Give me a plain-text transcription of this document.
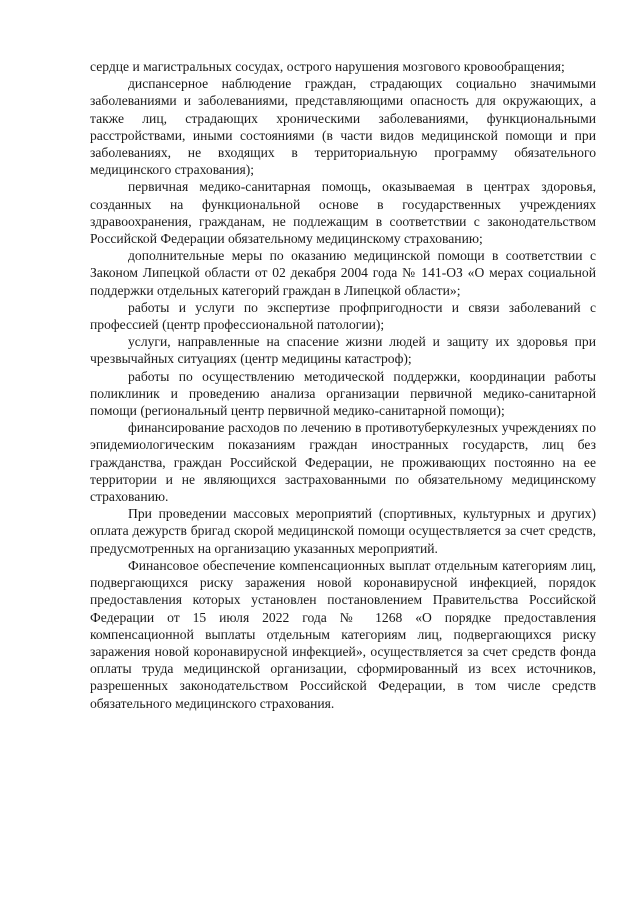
сердце и магистральных сосудах, острого нарушения мозгового кровообращения;

диспансерное наблюдение граждан, страдающих социально значимыми заболеваниями и заболеваниями, представляющими опасность для окружающих, а также лиц, страдающих хроническими заболеваниями, функциональными расстройствами, иными состояниями (в части видов медицинской помощи и при заболеваниях, не входящих в территориальную программу обязательного медицинского страхования);

первичная медико-санитарная помощь, оказываемая в центрах здоровья, созданных на функциональной основе в государственных учреждениях здравоохранения, гражданам, не подлежащим в соответствии с законодательством Российской Федерации обязательному медицинскому страхованию;

дополнительные меры по оказанию медицинской помощи в соответствии с Законом Липецкой области от 02 декабря 2004 года № 141-ОЗ «О мерах социальной поддержки отдельных категорий граждан в Липецкой области»;

работы и услуги по экспертизе профпригодности и связи заболеваний с профессией (центр профессиональной патологии);

услуги, направленные на спасение жизни людей и защиту их здоровья при чрезвычайных ситуациях (центр медицины катастроф);

работы по осуществлению методической поддержки, координации работы поликлиник и проведению анализа организации первичной медико-санитарной помощи (региональный центр первичной медико-санитарной помощи);

финансирование расходов по лечению в противотуберкулезных учреждениях по эпидемиологическим показаниям граждан иностранных государств, лиц без гражданства, граждан Российской Федерации, не проживающих постоянно на ее территории и не являющихся застрахованными по обязательному медицинскому страхованию.

При проведении массовых мероприятий (спортивных, культурных и других) оплата дежурств бригад скорой медицинской помощи осуществляется за счет средств, предусмотренных на организацию указанных мероприятий.

Финансовое обеспечение компенсационных выплат отдельным категориям лиц, подвергающихся риску заражения новой коронавирусной инфекцией, порядок предоставления которых установлен постановлением Правительства Российской Федерации от 15 июля 2022 года № 1268 «О порядке предоставления компенсационной выплаты отдельным категориям лиц, подвергающихся риску заражения новой коронавирусной инфекцией», осуществляется за счет средств фонда оплаты труда медицинской организации, сформированный из всех источников, разрешенных законодательством Российской Федерации, в том числе средств обязательного медицинского страхования.
